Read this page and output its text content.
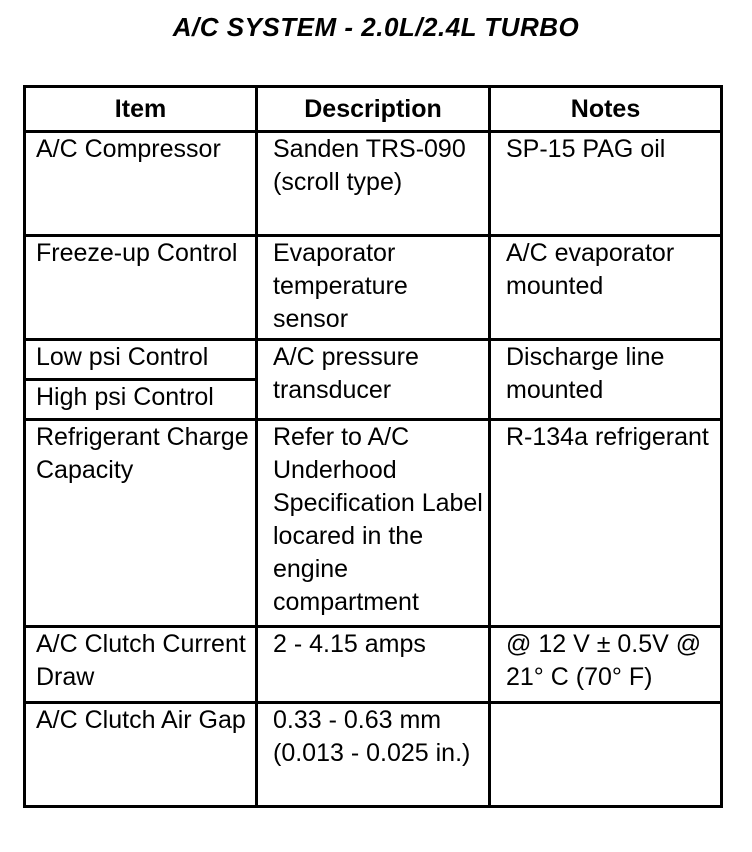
A/C SYSTEM - 2.0L/2.4L TURBO
Item	Description	Notes
A/C Compressor	Sanden TRS-090 (scroll type)	SP-15 PAG oil
Freeze-up Control	Evaporator temperature sensor	A/C evaporator mounted
Low psi Control	A/C pressure transducer	Discharge line mounted
High psi Control		
Refrigerant Charge Capacity	Refer to A/C Underhood Specification Label locared in the engine compartment	R-134a refrigerant
A/C Clutch Current Draw	2 - 4.15 amps	@ 12 V ± 0.5V @ 21° C (70° F)
A/C Clutch Air Gap	0.33 - 0.63 mm (0.013 - 0.025 in.)	
